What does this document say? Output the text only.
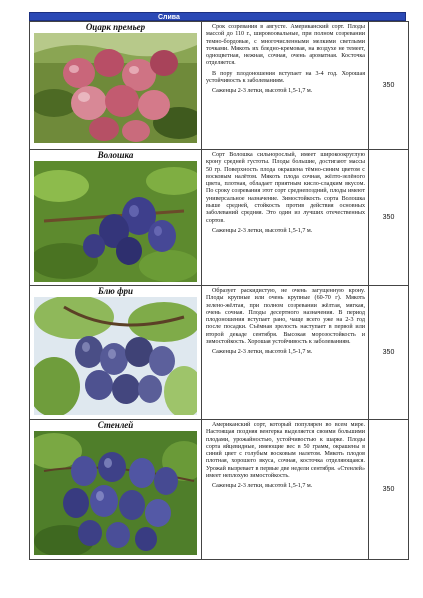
Слива
Оцарк премьер	Срок созревания в августе. Американский сорт. Плоды массой до 110 г., шировоовальные, при полном созревании темно-бордовые, с многочисленными мелкими светлыми точками. Мякоть их бледно-кремовая, на воздухе не темеет, одноцветная, нежная, сочная, очень ароматная. Косточка отделяется.

В пору плодоношения вступает на 3-4 год. Хорошая устойчивость к заболеваниям.

Саженцы 2-3 летки, высотой 1,5-1,7 м.	350

Волошка	Сорт Волошка сильнорослый, имеет широкоокруглую крону средней густоты. Плоды большие, достигают массы 50 гр. Поверхность плода окрашена тёмно-синим цветом с восковым налётом. Мякоть плода сочная, жёлто-зелёного цвета, плотная, обладает приятным кисло-сладким вкусом. По сроку созревания этот сорт среднепоздний, плоды имеют универсальное назначение. Зимостойкость сорта Волошка выше средней, стойкость против действия основных заболеваний средняя. Это один из лучших отечественных сортов.

Саженцы 2-3 летки, высотой 1,5-1,7 м.	350

Блю фри	Образует раскидистую, не очень загущенную крону. Плоды крупные или очень крупные (60-70 г). Мякоть зелено-жёлтая, при полном созревании жёлтая, мягкая, очень сочная. Плоды десертного назначения. В период плодоношения вступает рано, чаще всего уже на 2-3 год после посадки. Съёмная зрелость наступает в первой или второй декаде сентября. Высокая морозостойкость и зимостойкость. Хорошая устойчивость к заболеваниям.

Саженцы 2-3 летки, высотой 1,5-1,7 м.	350

Стенлей	Американский сорт, который популярен во всем мире. Настоящая поздняя венгерка выделяется своими большими плодами, урожайностью, устойчивостью к шарке. Плоды сорта яйцевидные, имеющие вес в 50 грамм, окрашены в синий цвет с голубым восковым налетом. Мякоть плодов плотная, хорошего вкуса, сочная, косточка отделяющаяся. Урожай вызревает в первые две недели сентября. «Стенлей» имеет неплохую зимостойкость.

Саженцы 2-3 летки, высотой 1,5-1,7 м.	350
